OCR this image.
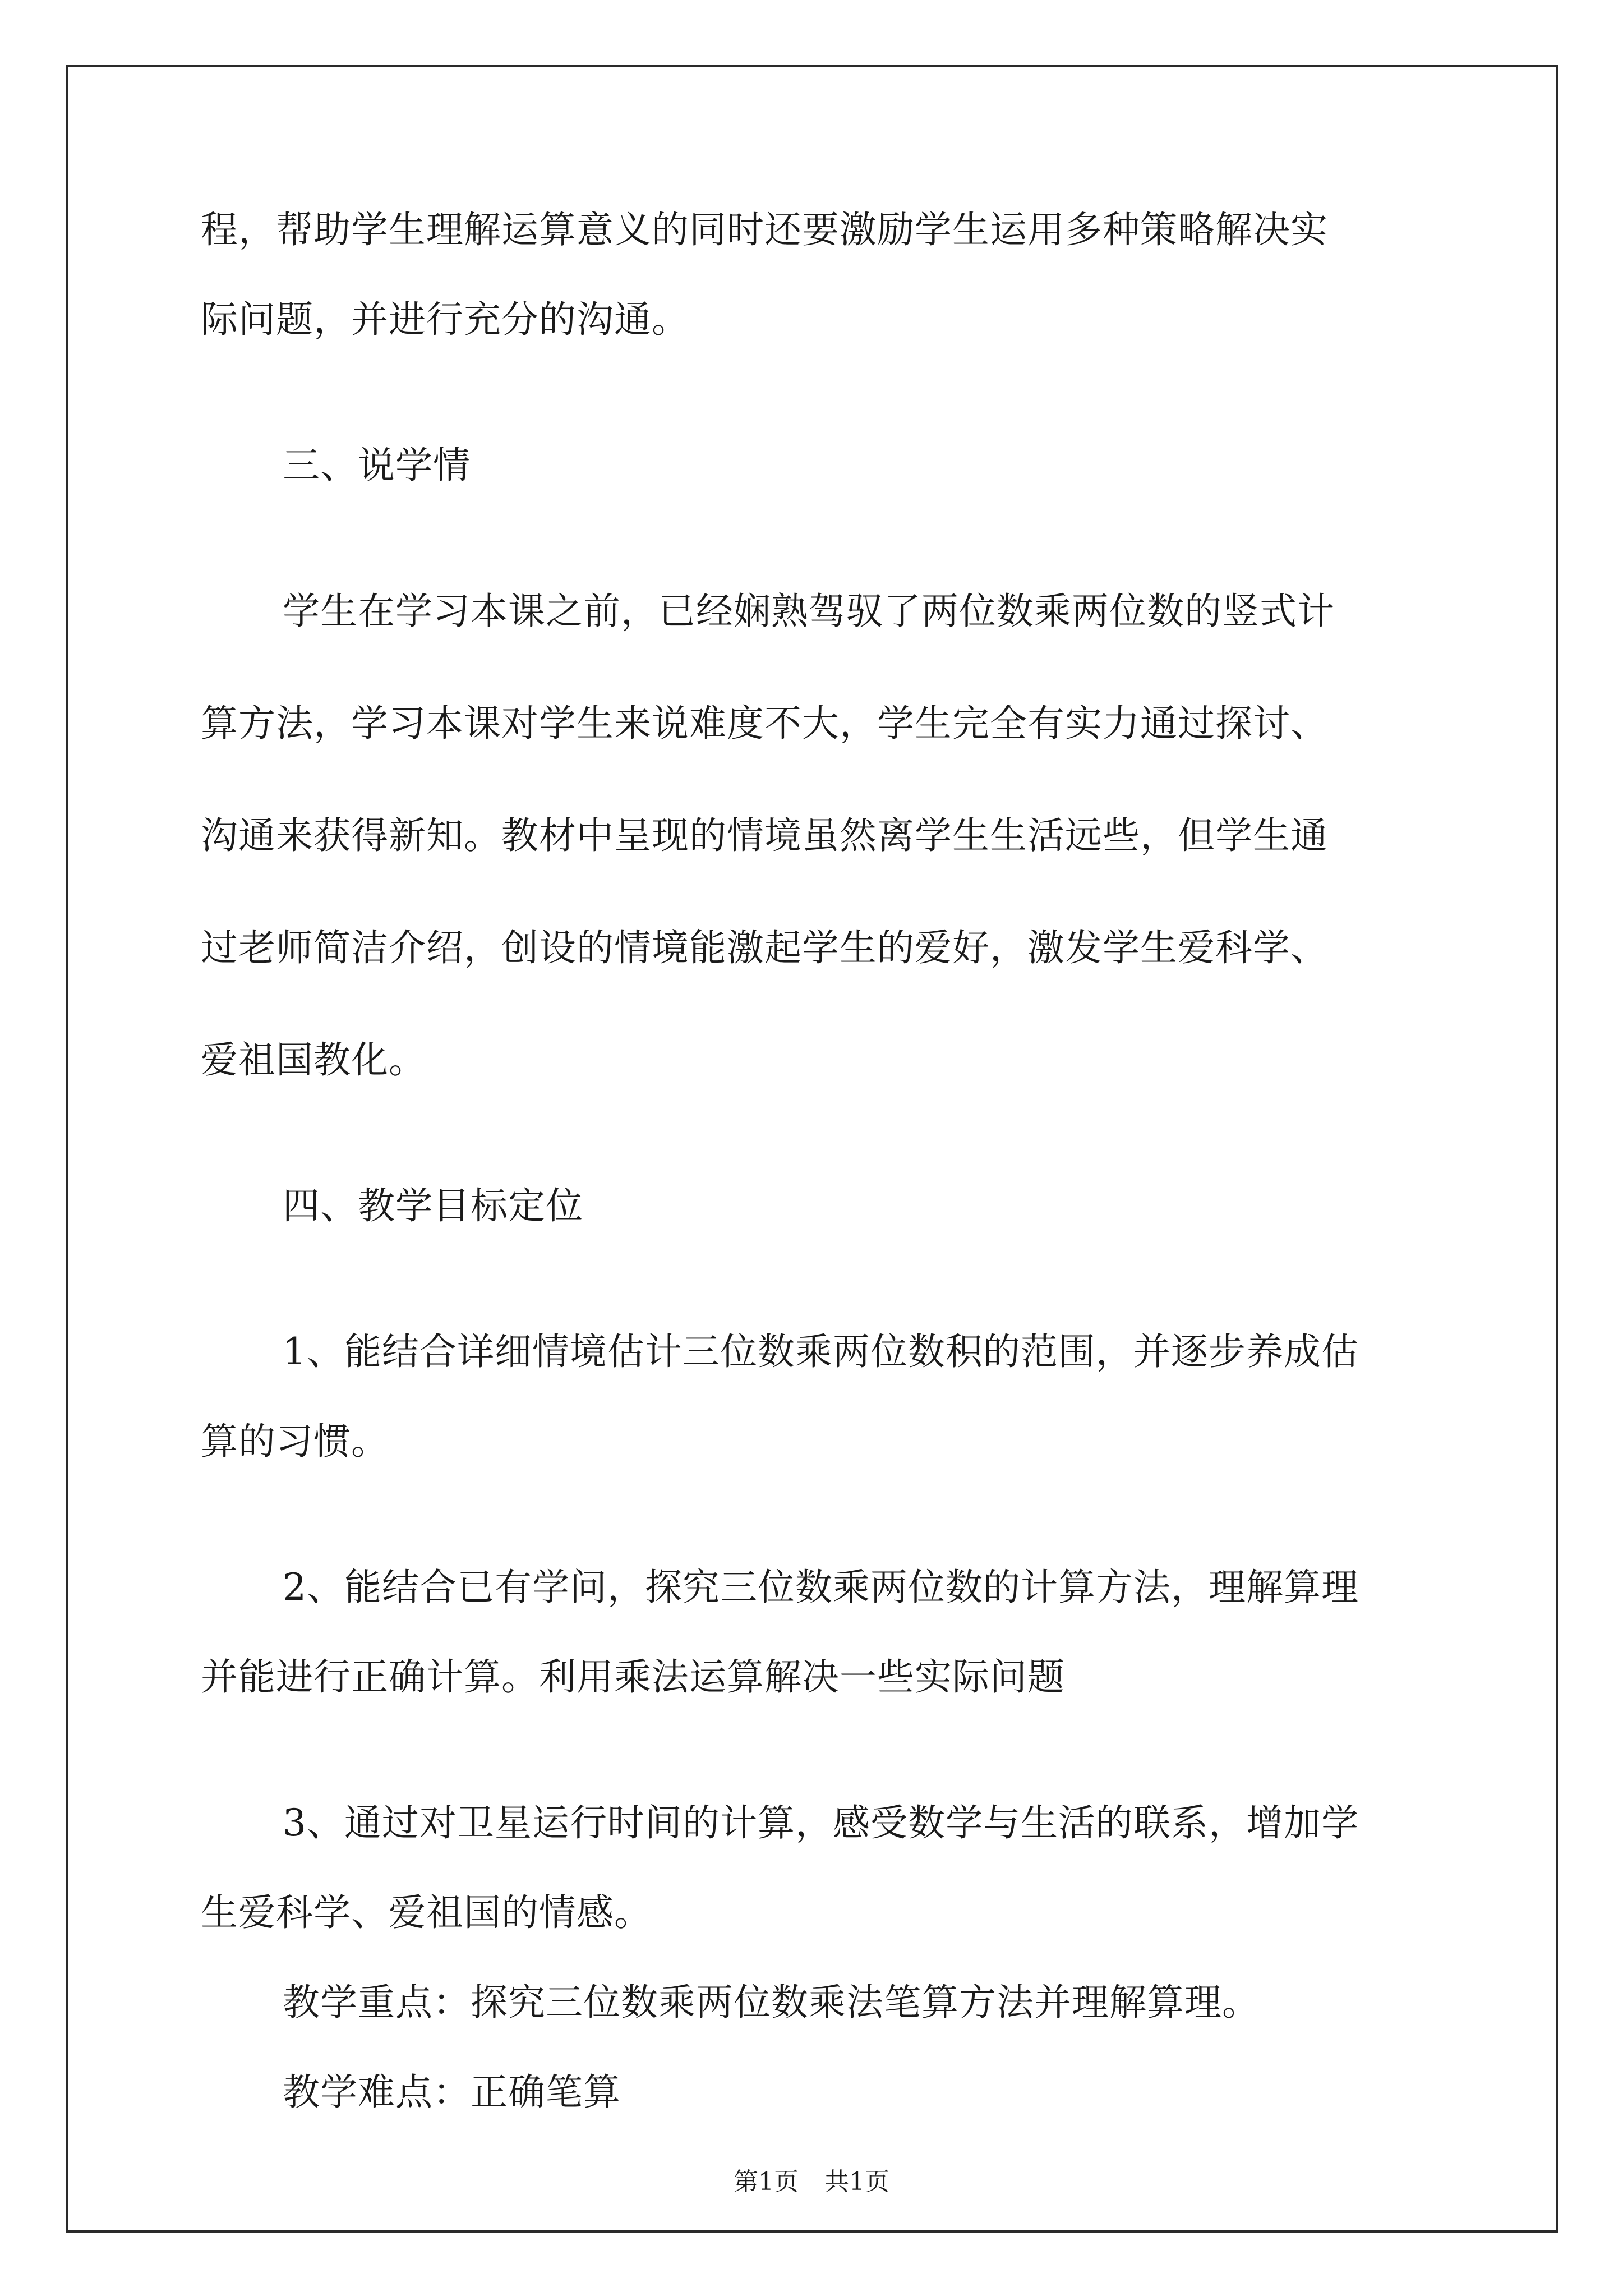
程，帮助学生理解运算意义的同时还要激励学生运用多种策略解决实
际问题，并进行充分的沟通。
三、说学情
学生在学习本课之前，已经娴熟驾驭了两位数乘两位数的竖式计
算方法，学习本课对学生来说难度不大，学生完全有实力通过探讨、
沟通来获得新知。教材中呈现的情境虽然离学生生活远些，但学生通
过老师简洁介绍，创设的情境能激起学生的爱好，激发学生爱科学、
爱祖国教化。
四、教学目标定位
1、能结合详细情境估计三位数乘两位数积的范围，并逐步养成估
算的习惯。
2、能结合已有学问，探究三位数乘两位数的计算方法，理解算理
并能进行正确计算。利用乘法运算解决一些实际问题
3、通过对卫星运行时间的计算，感受数学与生活的联系，增加学
生爱科学、爱祖国的情感。
教学重点：探究三位数乘两位数乘法笔算方法并理解算理。
教学难点：正确笔算
第1页 共1页
